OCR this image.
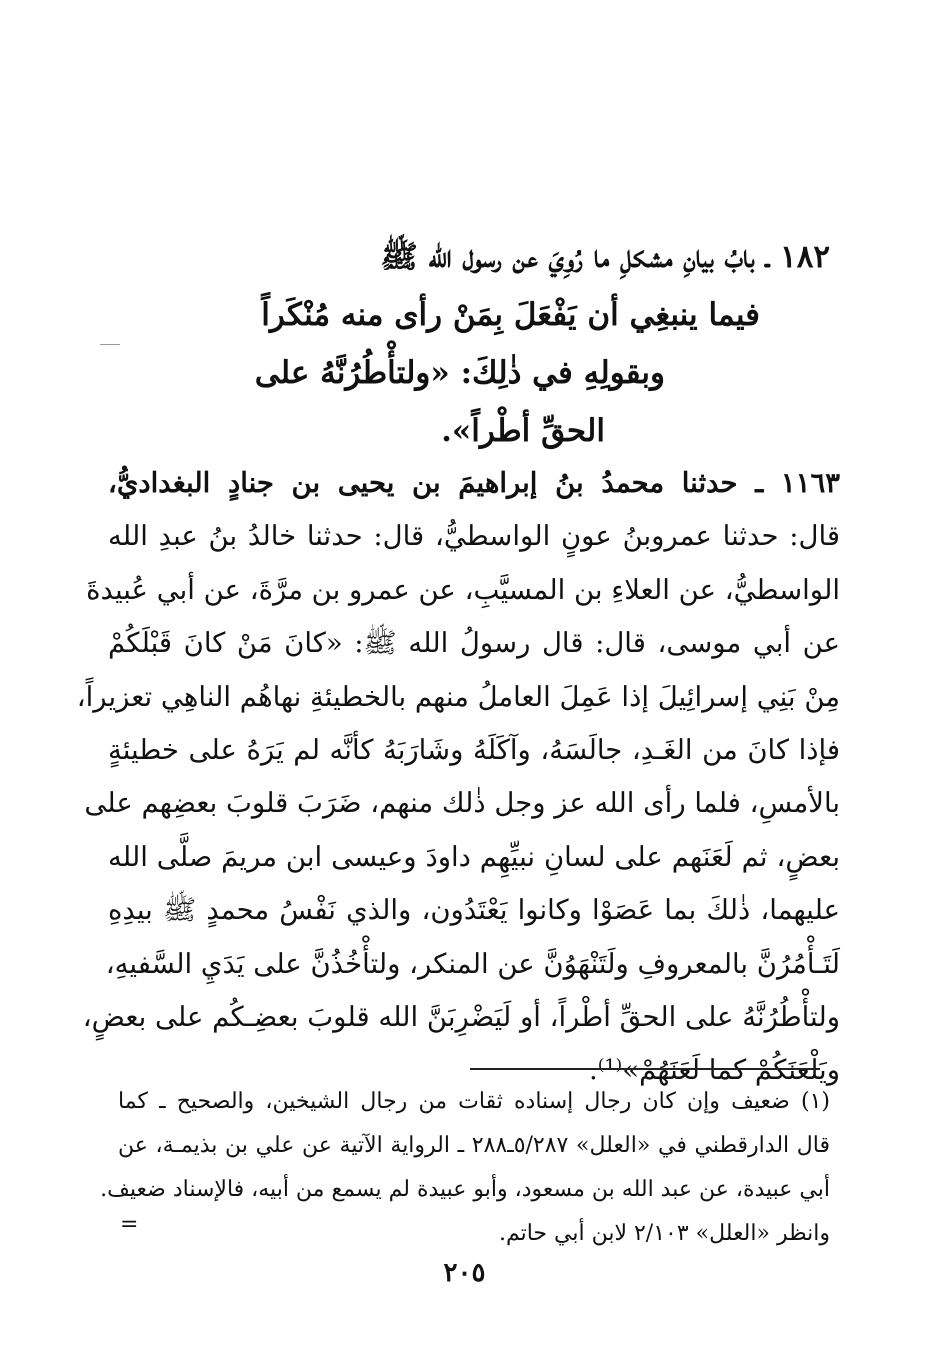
١٨٢ ـ بابُ بيانِ مشكلِ ما رُوِيَ عن رسول الله ﷺ
فيما ينبغِي أن يَفْعَلَ بِمَنْ رأى منه مُنْكَراً
وبقولِهِ في ذٰلِكَ: «ولتأْطُرُنَّهُ على
الحقِّ أطْراً».
١١٦٣ ـ حدثنا محمدُ بنُ إبراهيمَ بن يحيى بن جنادٍ البغداديُّ،
قال: حدثنا عمروبنُ عونٍ الواسطيُّ، قال: حدثنا خالدُ بنُ عبدِ الله
الواسطيُّ، عن العلاءِ بن المسيَّبِ، عن عمرو بن مرَّةَ، عن أبي عُبيدةَ
عن أبي موسى، قال: قال رسولُ الله ﷺ: «كانَ مَنْ كانَ قَبْلَكُمْ
مِنْ بَنِي إسرائِيلَ إذا عَمِلَ العاملُ منهم بالخطيئةِ نهاهُم الناهِي تعزيراً،
فإذا كانَ من الغَـدِ، جالَسَهُ، وآكَلَهُ وشَارَبَهُ كأنَّه لم يَرَهُ على خطيئةٍ
بالأمسِ، فلما رأى الله عز وجل ذٰلك منهم، ضَرَبَ قلوبَ بعضِهم على
بعضٍ، ثم لَعَنَهم على لسانِ نبيِّهِم داودَ وعيسى ابن مريمَ صلَّى الله
عليهما، ذٰلكَ بما عَصَوْا وكانوا يَعْتَدُون، والذي نَفْسُ محمدٍ ﷺ بيدِهِ
لَتَـأْمُرُنَّ بالمعروفِ ولَتَنْهَوُنَّ عن المنكر، ولتأْخُذُنَّ على يَدَيِ السَّفيهِ،
ولتأْطُرُنَّهُ على الحقِّ أطْراً، أو لَيَضْرِبَنَّ الله قلوبَ بعضِـكُم على بعضٍ،
ويَلْعَنَكُمْ كما لَعَنَهُمْ»⁽¹⁾.
(١) ضعيف وإن كان رجال إسناده ثقات من رجال الشيخين، والصحيح ـ كما
قال الدارقطني في «العلل» ٥/٢٨٧ـ٢٨٨ ـ الرواية الآتية عن علي بن بذيمـة، عن
أبي عبيدة، عن عبد الله بن مسعود، وأبو عبيدة لم يسمع من أبيه، فالإسناد ضعيف.
وانظر «العلل» ٢/١٠٣ لابن أبي حاتم.
=
٢٠٥
